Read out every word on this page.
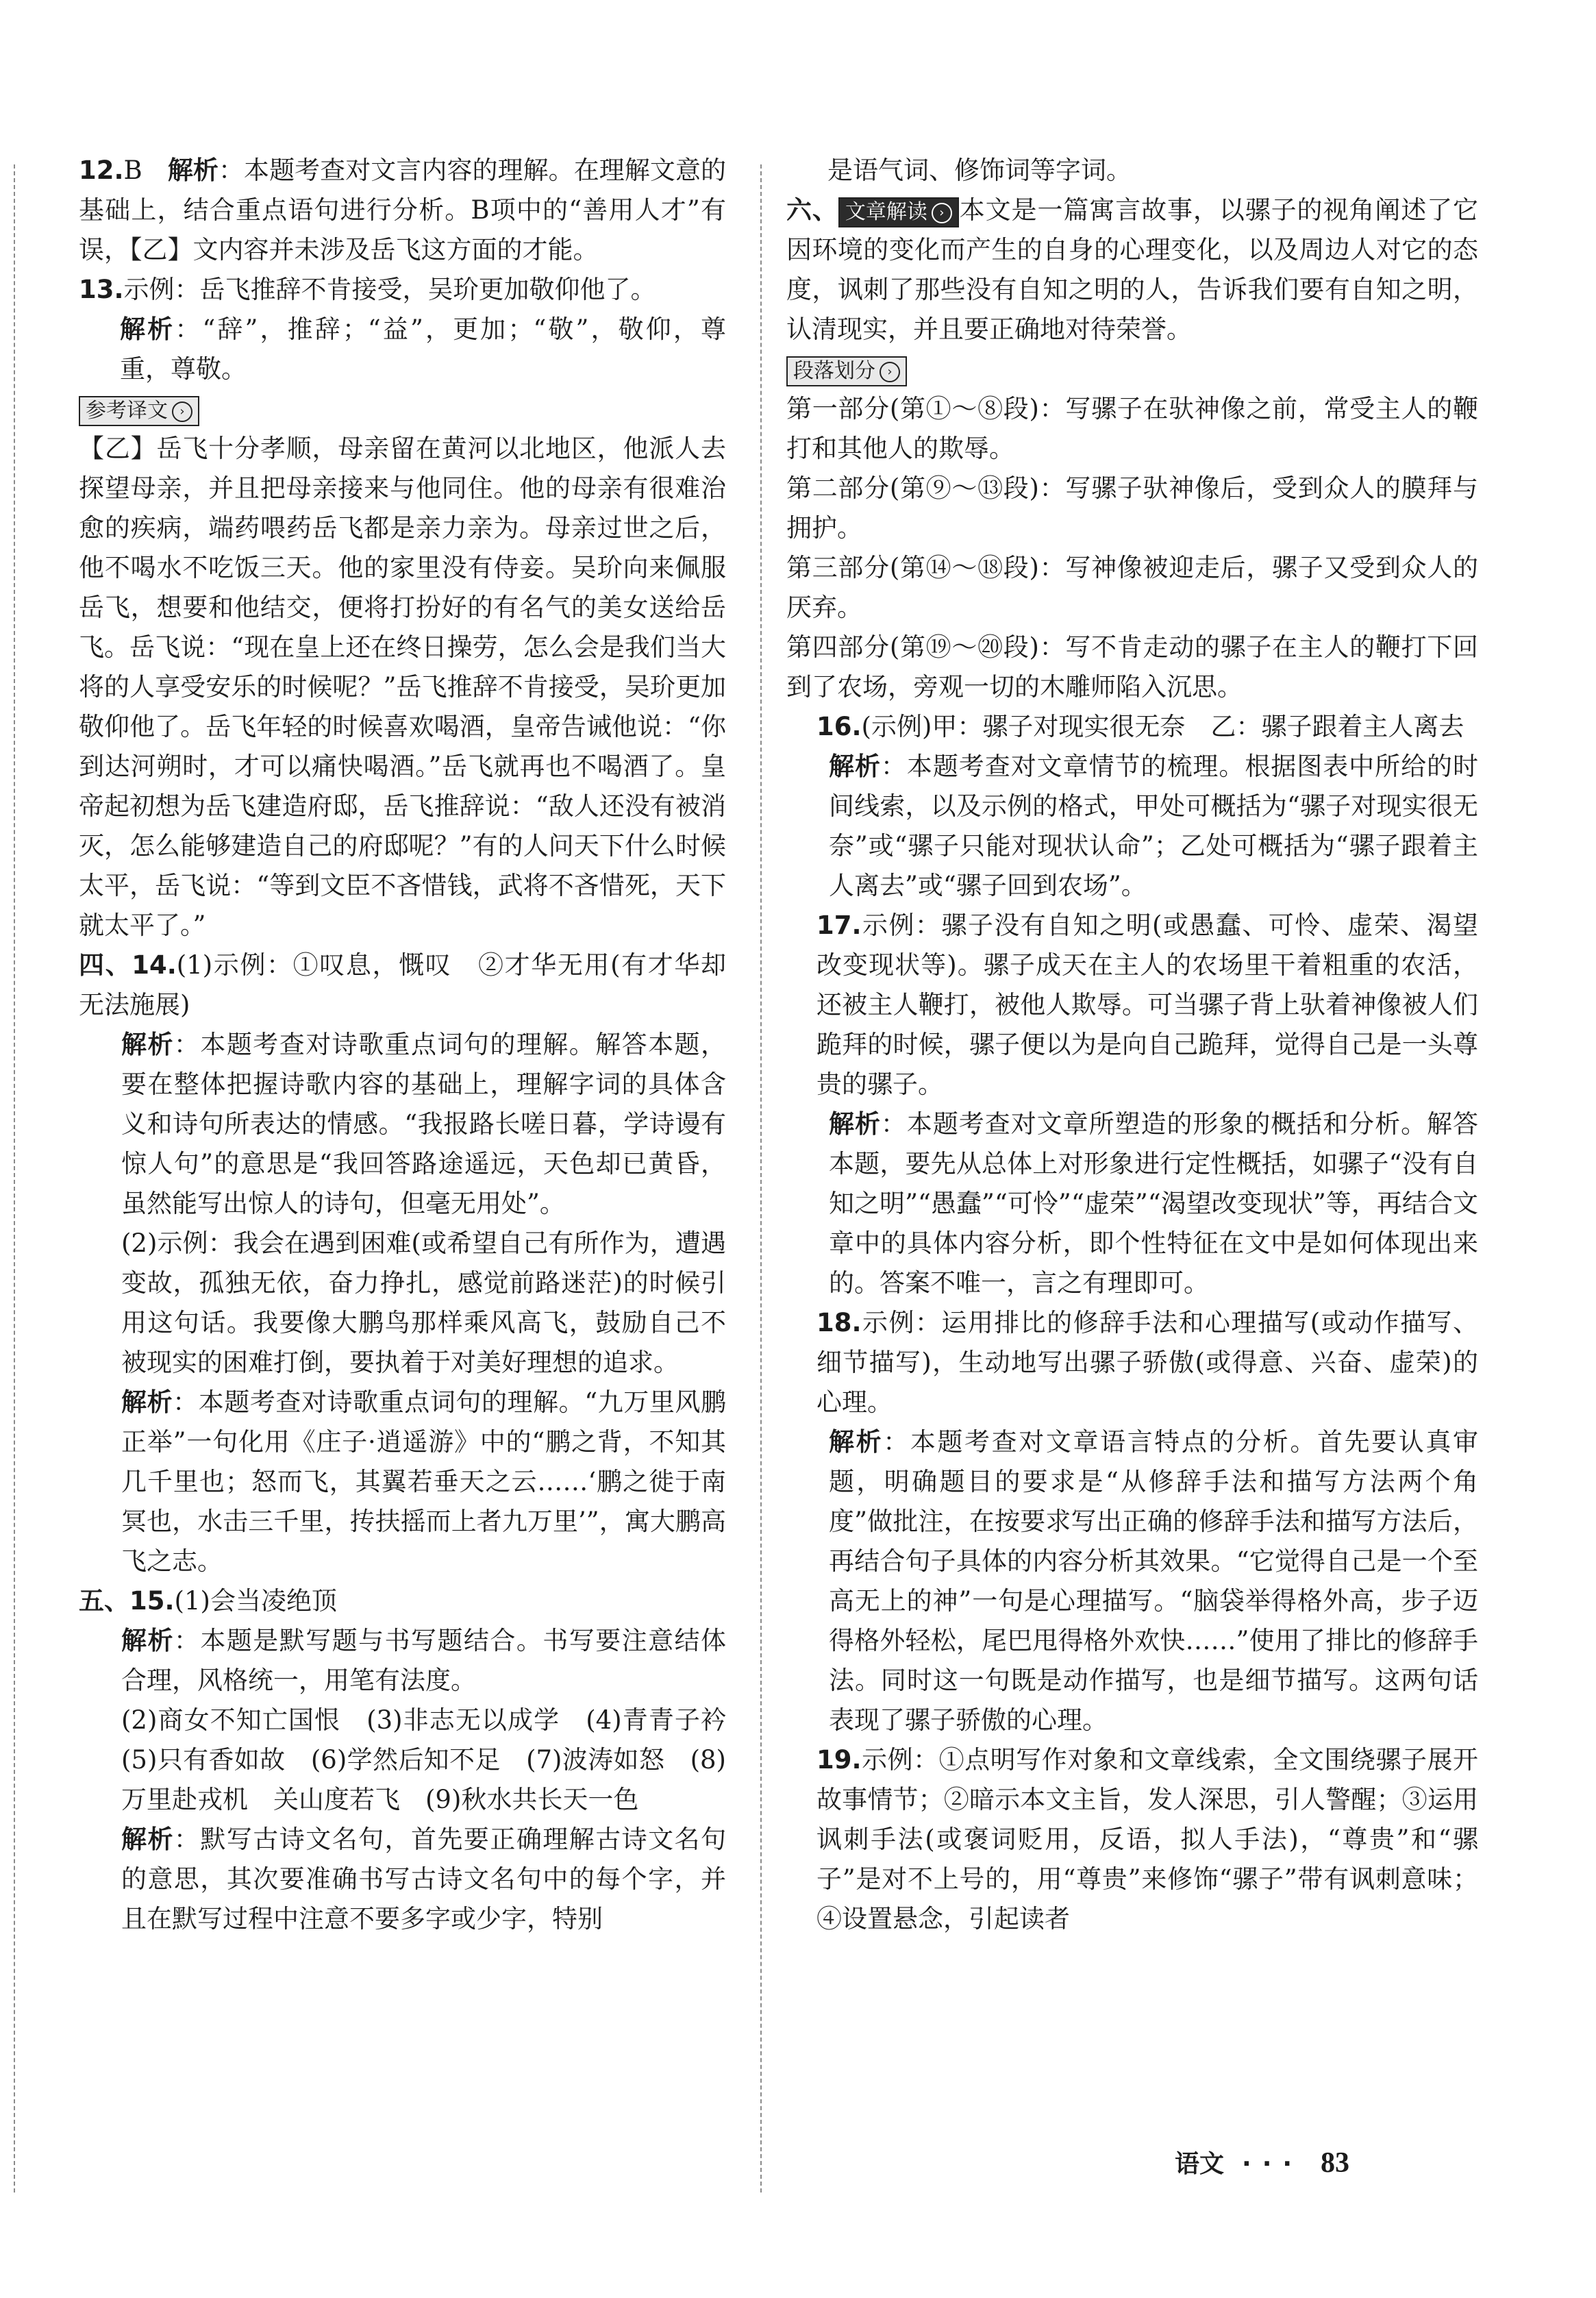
12.B　 解析：本题考查对文言内容的理解。在理解文意的基础上，结合重点语句进行分析。B项中的“善用人才”有误，【乙】文内容并未涉及岳飞这方面的才能。
13.示例：岳飞推辞不肯接受，吴玠更加敬仰他了。
解析：“辞”，推辞；“益”，更加；“敬”，敬仰，尊重，尊敬。
参考译文 ›
【乙】岳飞十分孝顺，母亲留在黄河以北地区，他派人去探望母亲，并且把母亲接来与他同住。他的母亲有很难治愈的疾病，端药喂药岳飞都是亲力亲为。母亲过世之后，他不喝水不吃饭三天。他的家里没有侍妾。吴玠向来佩服岳飞，想要和他结交，便将打扮好的有名气的美女送给岳飞。岳飞说：“现在皇上还在终日操劳，怎么会是我们当大将的人享受安乐的时候呢？”岳飞推辞不肯接受，吴玠更加敬仰他了。岳飞年轻的时候喜欢喝酒，皇帝告诫他说：“你到达河朔时，才可以痛快喝酒。”岳飞就再也不喝酒了。皇帝起初想为岳飞建造府邸，岳飞推辞说：“敌人还没有被消灭，怎么能够建造自己的府邸呢？”有的人问天下什么时候太平，岳飞说：“等到文臣不吝惜钱，武将不吝惜死，天下就太平了。”
四、14.(1)示例：①叹息，慨叹　②才华无用(有才华却无法施展)
解析：本题考查对诗歌重点词句的理解。解答本题，要在整体把握诗歌内容的基础上，理解字词的具体含义和诗句所表达的情感。“我报路长嗟日暮，学诗谩有惊人句”的意思是“我回答路途遥远，天色却已黄昏，虽然能写出惊人的诗句，但毫无用处”。
(2)示例：我会在遇到困难(或希望自己有所作为，遭遇变故，孤独无依，奋力挣扎，感觉前路迷茫)的时候引用这句话。我要像大鹏鸟那样乘风高飞，鼓励自己不被现实的困难打倒，要执着于对美好理想的追求。
解析：本题考查对诗歌重点词句的理解。“九万里风鹏正举”一句化用《庄子·逍遥游》中的“鹏之背，不知其几千里也；怒而飞，其翼若垂天之云……‘鹏之徙于南冥也，水击三千里，抟扶摇而上者九万里’”，寓大鹏高飞之志。
五、15.(1)会当凌绝顶
解析：本题是默写题与书写题结合。书写要注意结体合理，风格统一，用笔有法度。
(2)商女不知亡国恨　(3)非志无以成学　(4)青青子衿　(5)只有香如故　(6)学然后知不足　(7)波涛如怒　(8)万里赴戎机　关山度若飞　(9)秋水共长天一色
解析：默写古诗文名句，首先要正确理解古诗文名句的意思，其次要准确书写古诗文名句中的每个字，并且在默写过程中注意不要多字或少字，特别
是语气词、修饰词等字词。
六、 文章解读 › 本文是一篇寓言故事，以骡子的视角阐述了它因环境的变化而产生的自身的心理变化，以及周边人对它的态度，讽刺了那些没有自知之明的人，告诉我们要有自知之明，认清现实，并且要正确地对待荣誉。
段落划分 ›
第一部分(第①～⑧段)：写骡子在驮神像之前，常受主人的鞭打和其他人的欺辱。
第二部分(第⑨～⑬段)：写骡子驮神像后，受到众人的膜拜与拥护。
第三部分(第⑭～⑱段)：写神像被迎走后，骡子又受到众人的厌弃。
第四部分(第⑲～⑳段)：写不肯走动的骡子在主人的鞭打下回到了农场，旁观一切的木雕师陷入沉思。
16.(示例)甲：骡子对现实很无奈　乙：骡子跟着主人离去
解析：本题考查对文章情节的梳理。根据图表中所给的时间线索，以及示例的格式，甲处可概括为“骡子对现实很无奈”或“骡子只能对现状认命”；乙处可概括为“骡子跟着主人离去”或“骡子回到农场”。
17.示例：骡子没有自知之明(或愚蠢、可怜、虚荣、渴望改变现状等)。骡子成天在主人的农场里干着粗重的农活，还被主人鞭打，被他人欺辱。可当骡子背上驮着神像被人们跪拜的时候，骡子便以为是向自己跪拜，觉得自己是一头尊贵的骡子。
解析：本题考查对文章所塑造的形象的概括和分析。解答本题，要先从总体上对形象进行定性概括，如骡子“没有自知之明”“愚蠢”“可怜”“虚荣”“渴望改变现状”等，再结合文章中的具体内容分析，即个性特征在文中是如何体现出来的。答案不唯一，言之有理即可。
18.示例：运用排比的修辞手法和心理描写(或动作描写、细节描写)，生动地写出骡子骄傲(或得意、兴奋、虚荣)的心理。
解析：本题考查对文章语言特点的分析。首先要认真审题，明确题目的要求是“从修辞手法和描写方法两个角度”做批注，在按要求写出正确的修辞手法和描写方法后，再结合句子具体的内容分析其效果。“它觉得自己是一个至高无上的神”一句是心理描写。“脑袋举得格外高，步子迈得格外轻松，尾巴甩得格外欢快……”使用了排比的修辞手法。同时这一句既是动作描写，也是细节描写。这两句话表现了骡子骄傲的心理。
19.示例：①点明写作对象和文章线索，全文围绕骡子展开故事情节；②暗示本文主旨，发人深思，引人警醒；③运用讽刺手法(或褒词贬用，反语，拟人手法)，“尊贵”和“骡子”是对不上号的，用“尊贵”来修饰“骡子”带有讽刺意味；④设置悬念，引起读者
语文 ··· 83
